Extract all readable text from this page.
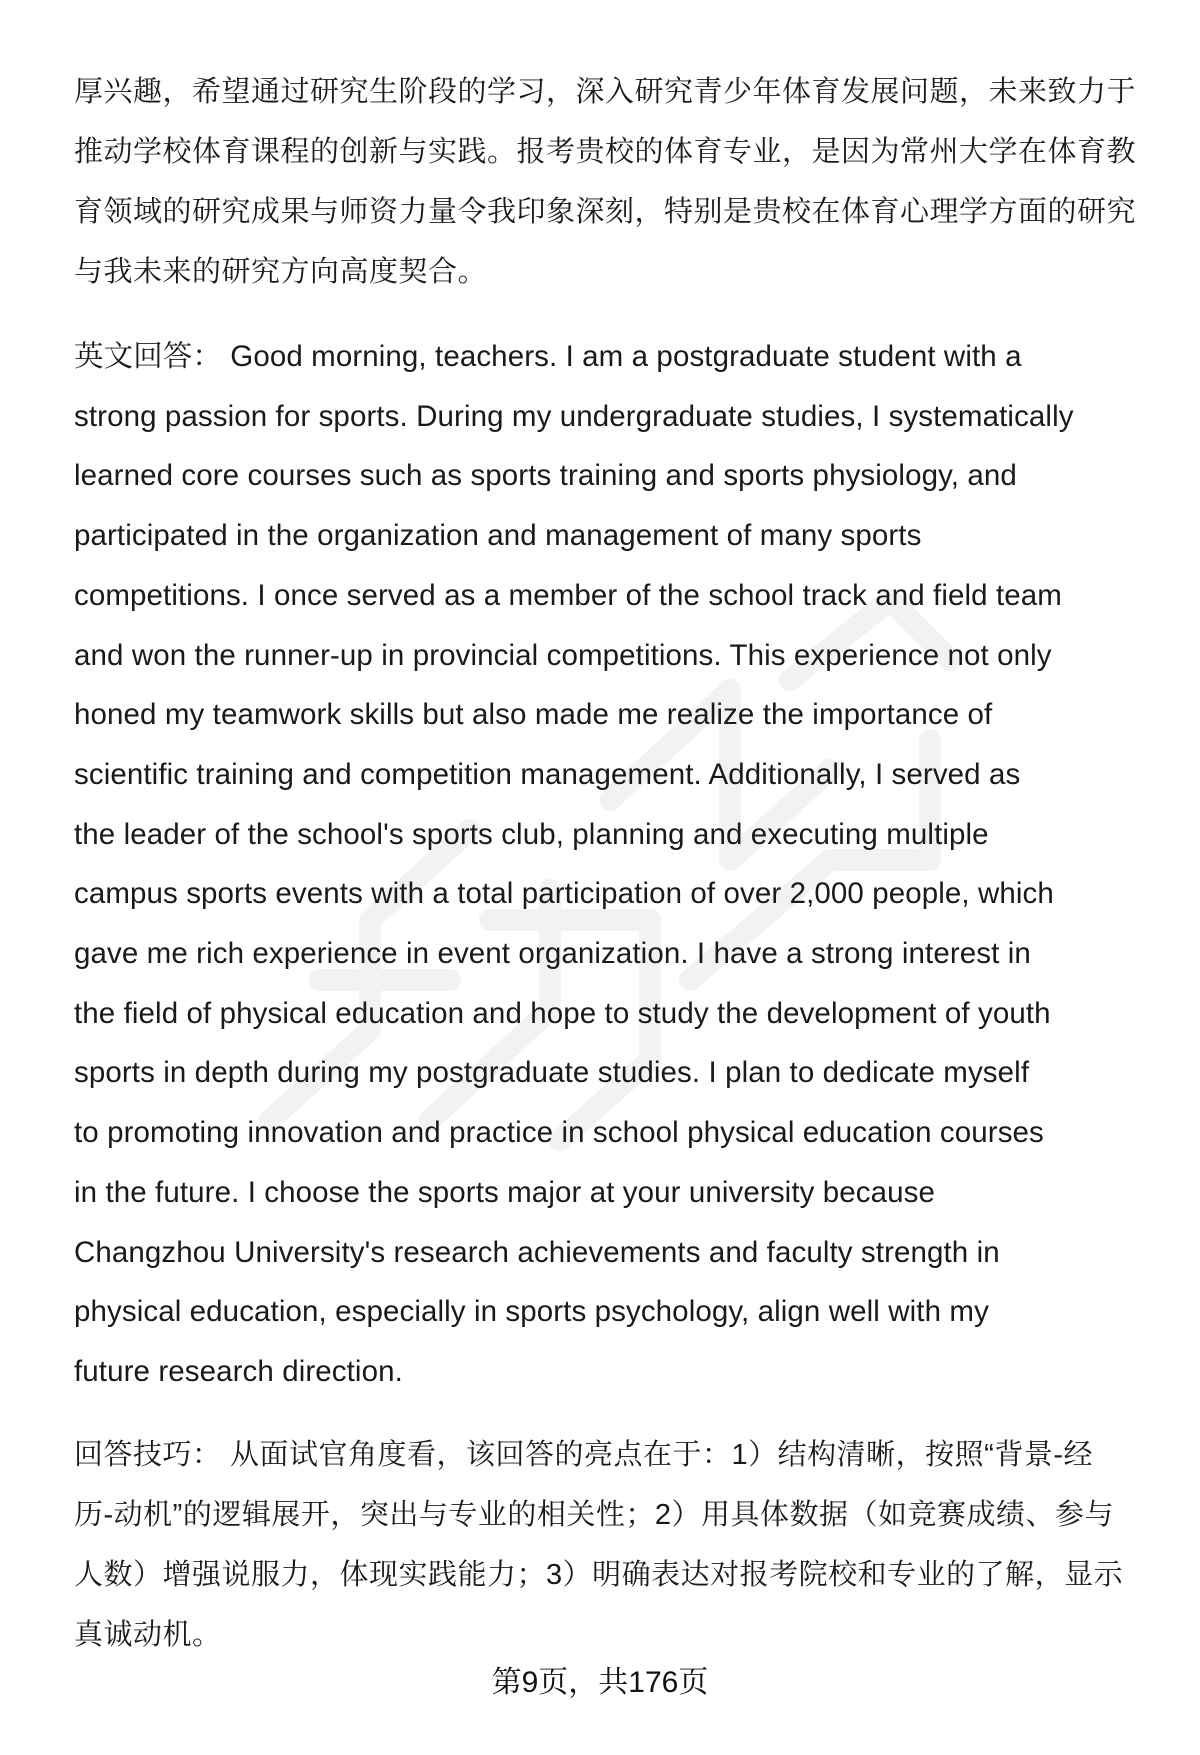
厚兴趣，希望通过研究生阶段的学习，深入研究青少年体育发展问题，未来致力于
推动学校体育课程的创新与实践。报考贵校的体育专业，是因为常州大学在体育教
育领域的研究成果与师资力量令我印象深刻，特别是贵校在体育心理学方面的研究
与我未来的研究方向高度契合。

英文回答： Good morning, teachers. I am a postgraduate student with a
strong passion for sports. During my undergraduate studies, I systematically
learned core courses such as sports training and sports physiology, and
participated in the organization and management of many sports
competitions. I once served as a member of the school track and field team
and won the runner-up in provincial competitions. This experience not only
honed my teamwork skills but also made me realize the importance of
scientific training and competition management. Additionally, I served as
the leader of the school's sports club, planning and executing multiple
campus sports events with a total participation of over 2,000 people, which
gave me rich experience in event organization. I have a strong interest in
the field of physical education and hope to study the development of youth
sports in depth during my postgraduate studies. I plan to dedicate myself
to promoting innovation and practice in school physical education courses
in the future. I choose the sports major at your university because
Changzhou University's research achievements and faculty strength in
physical education, especially in sports psychology, align well with my
future research direction.

回答技巧： 从面试官角度看，该回答的亮点在于：1）结构清晰，按照“背景-经
历-动机”的逻辑展开，突出与专业的相关性；2）用具体数据（如竞赛成绩、参与
人数）增强说服力，体现实践能力；3）明确表达对报考院校和专业的了解，显示
真诚动机。

第9页，共176页
